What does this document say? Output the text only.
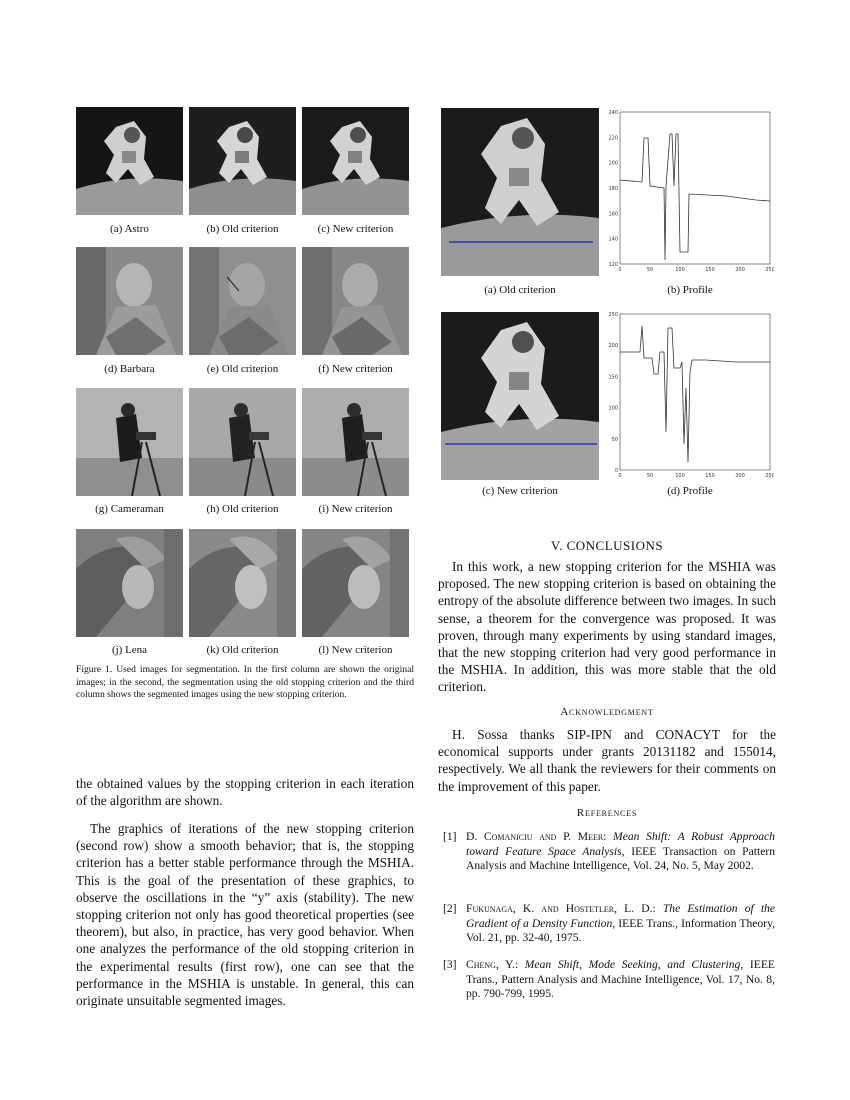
(a) Astro	(b) Old criterion	(c) New criterion
(d) Barbara	(e) Old criterion	(f) New criterion
(g) Cameraman	(h) Old criterion	(i) New criterion
(j) Lena	(k) Old criterion	(l) New criterion
Figure 1. Used images for segmentation. In the first column are shown the original images; in the second, the segmentation using the old stopping criterion and the third column shows the segmented images using the new stopping criterion.
the obtained values by the stopping criterion in each iteration of the algorithm are shown.
The graphics of iterations of the new stopping criterion (second row) show a smooth behavior; that is, the stopping criterion has a better stable performance through the MSHIA. This is the goal of the presentation of these graphics, to observe the oscillations in the “y” axis (stability). The new stopping criterion not only has good theoretical properties (see theorem), but also, in practice, has very good behavior. When one analyzes the performance of the old stopping criterion in the experimental results (first row), one can see that the performance in the MSHIA is unstable. In general, this can originate unsuitable segmented images.
240
220
200
180
160
140
120
0	50	100	150	200	250
(a) Old criterion	(b) Profile
250
200
150
100
50
0
0	50	100	150	200	250
(c) New criterion	(d) Profile
V. CONCLUSIONS
In this work, a new stopping criterion for the MSHIA was proposed. The new stopping criterion is based on obtaining the entropy of the absolute difference between two images. In such sense, a theorem for the convergence was proposed. It was proven, through many experiments by using standard images, that the new stopping criterion had very good performance in the MSHIA. In addition, this was more stable that the old criterion.
Acknowledgment
H. Sossa thanks SIP-IPN and CONACYT for the economical supports under grants 20131182 and 155014, respectively. We all thank the reviewers for their comments on the improvement of this paper.
References
[1] D. Comaniciu and P. Meer: Mean Shift: A Robust Approach toward Feature Space Analysis, IEEE Transaction on Pattern Analysis and Machine Intelligence, Vol. 24, No. 5, May 2002.
[2] Fukunaga, K. and Hostetler, L. D.: The Estimation of the Gradient of a Density Function, IEEE Trans., Information Theory, Vol. 21, pp. 32-40, 1975.
[3] Cheng, Y.: Mean Shift, Mode Seeking, and Clustering, IEEE Trans., Pattern Analysis and Machine Intelligence, Vol. 17, No. 8, pp. 790-799, 1995.
